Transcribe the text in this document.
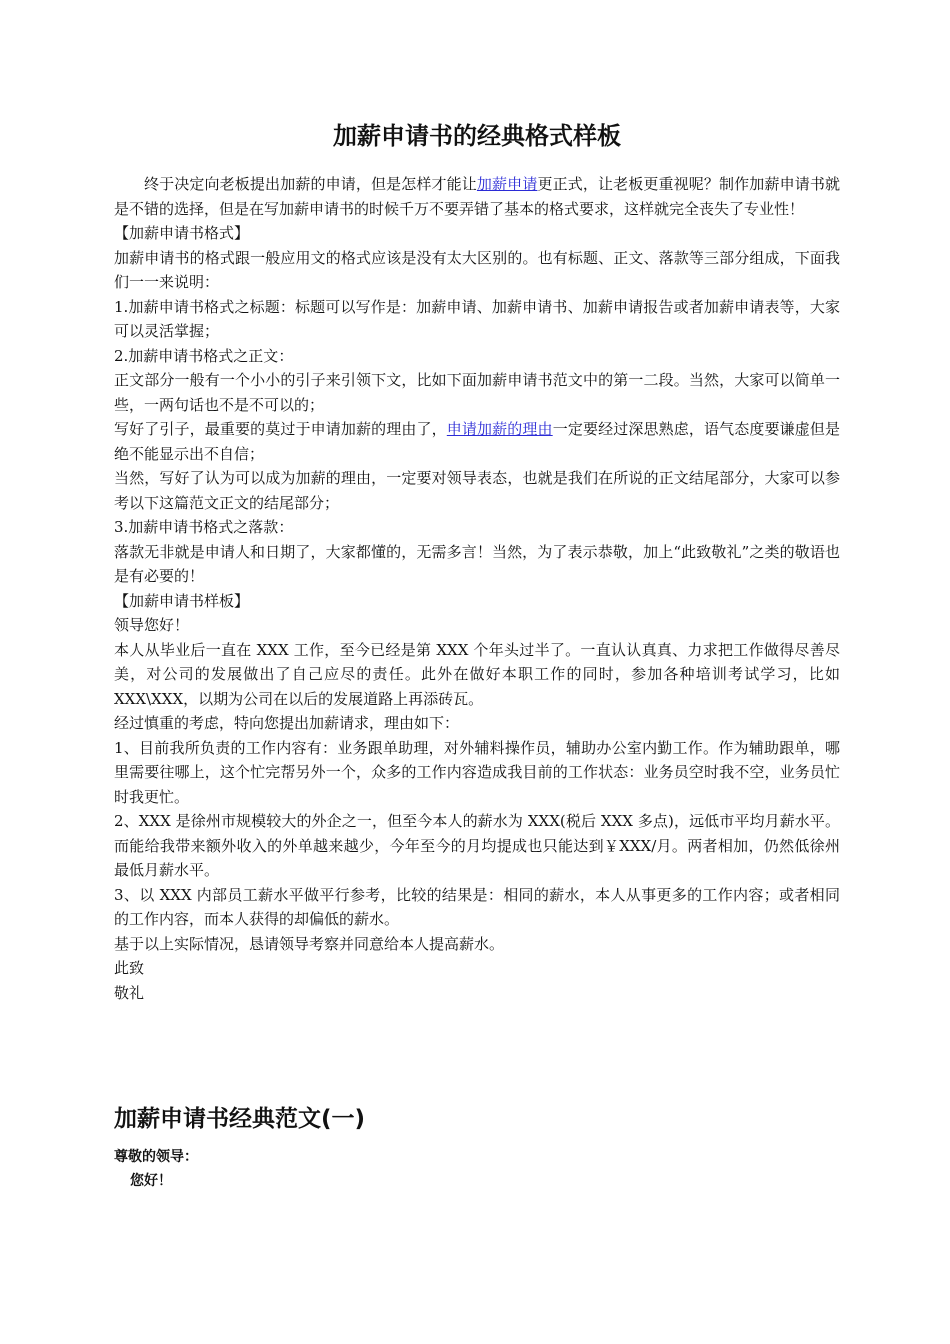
加薪申请书的经典格式样板

终于决定向老板提出加薪的申请，但是怎样才能让加薪申请更正式，让老板更重视呢？制作加薪申请书就是不错的选择，但是在写加薪申请书的时候千万不要弄错了基本的格式要求，这样就完全丧失了专业性！

【加薪申请书格式】

加薪申请书的格式跟一般应用文的格式应该是没有太大区别的。也有标题、正文、落款等三部分组成，下面我们一一来说明：

1.加薪申请书格式之标题：标题可以写作是：加薪申请、加薪申请书、加薪申请报告或者加薪申请表等，大家可以灵活掌握；

2.加薪申请书格式之正文：

正文部分一般有一个小小的引子来引领下文，比如下面加薪申请书范文中的第一二段。当然，大家可以简单一些，一两句话也不是不可以的；

写好了引子，最重要的莫过于申请加薪的理由了，申请加薪的理由一定要经过深思熟虑，语气态度要谦虚但是绝不能显示出不自信；

当然，写好了认为可以成为加薪的理由，一定要对领导表态，也就是我们在所说的正文结尾部分，大家可以参考以下这篇范文正文的结尾部分；

3.加薪申请书格式之落款：

落款无非就是申请人和日期了，大家都懂的，无需多言！当然，为了表示恭敬，加上“此致敬礼”之类的敬语也是有必要的！

【加薪申请书样板】

领导您好！

本人从毕业后一直在 XXX 工作，至今已经是第 XXX 个年头过半了。一直认认真真、力求把工作做得尽善尽美，对公司的发展做出了自己应尽的责任。此外在做好本职工作的同时，参加各种培训考试学习，比如 XXX\XXX，以期为公司在以后的发展道路上再添砖瓦。

经过慎重的考虑，特向您提出加薪请求，理由如下：

1、目前我所负责的工作内容有：业务跟单助理，对外辅料操作员，辅助办公室内勤工作。作为辅助跟单，哪里需要往哪上，这个忙完帮另外一个，众多的工作内容造成我目前的工作状态：业务员空时我不空，业务员忙时我更忙。

2、XXX 是徐州市规模较大的外企之一，但至今本人的薪水为 XXX(税后 XXX 多点)，远低市平均月薪水平。而能给我带来额外收入的外单越来越少，今年至今的月均提成也只能达到￥XXX/月。两者相加，仍然低徐州最低月薪水平。

3、以 XXX 内部员工薪水平做平行参考，比较的结果是：相同的薪水，本人从事更多的工作内容；或者相同的工作内容，而本人获得的却偏低的薪水。

基于以上实际情况，恳请领导考察并同意给本人提高薪水。

此致

敬礼

加薪申请书经典范文(一)

尊敬的领导：

您好！
